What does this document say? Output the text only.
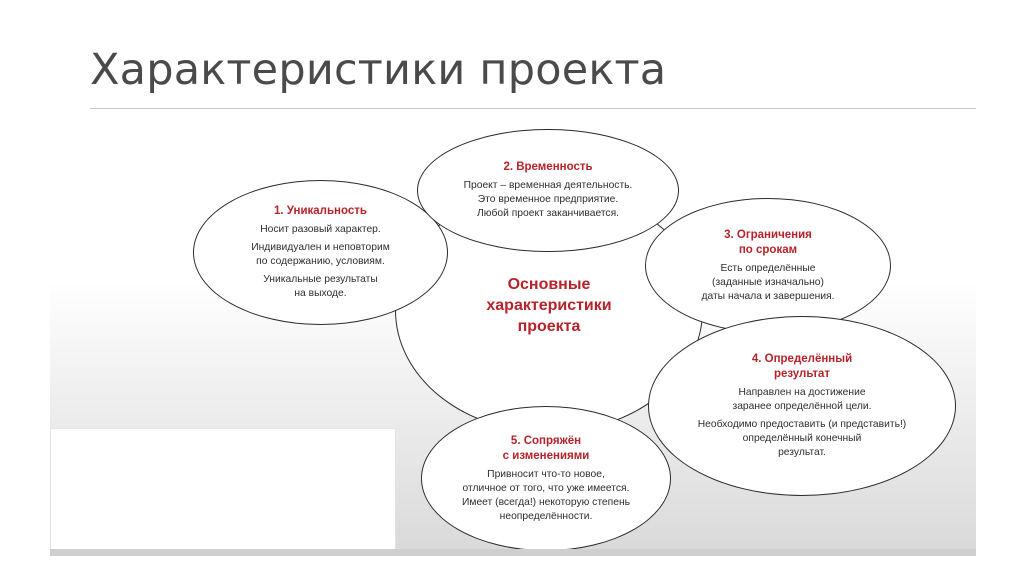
Характеристики проекта
Основные
характеристики
проекта
1. Уникальность
Носит разовый характер.
Индивидуален и неповторим
по содержанию, условиям.
Уникальные результаты
на выходе.
2. Временность
Проект – временная деятельность.
Это временное предприятие.
Любой проект заканчивается.
3. Ограничения
по срокам
Есть определённые
(заданные изначально)
даты начала и завершения.
4. Определённый
результат
Направлен на достижение
заранее определённой цели.
Необходимо предоставить (и представить!)
определённый конечный
результат.
5. Сопряжён
с изменениями
Привносит что-то новое,
отличное от того, что уже имеется.
Имеет (всегда!) некоторую степень
неопределённости.
